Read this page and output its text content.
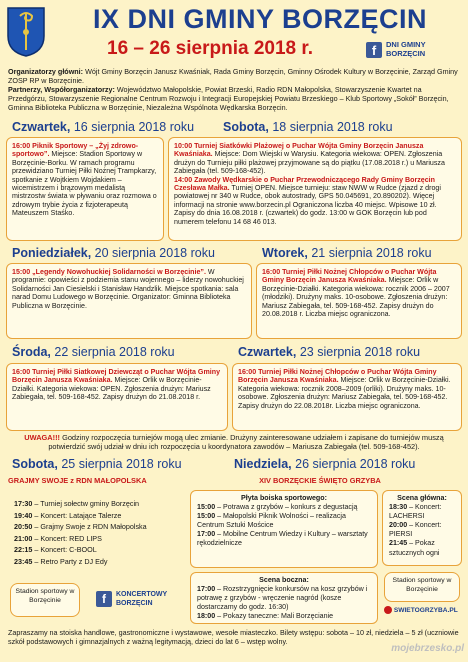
IX DNI GMINY BORZĘCIN
16 – 26 sierpnia 2018 r.	f	DNI GMINY BORZĘCIN

Organizatorzy główni: Wójt Gminy Borzęcin Janusz Kwaśniak, Rada Gminy Borzęcin, Gminny Ośrodek Kultury w Borzęcinie, Zarząd Gminy ZOSP RP w Borzęcinie.

Partnerzy, Współorganizatorzy: Województwo Małopolskie, Powiat Brzeski, Radio RDN Małopolska, Stowarzyszenie Kwartet na Przedgórzu, Stowarzyszenie Regionalne Centrum Rozwoju i Integracji Europejskiej Powiatu Brzeskiego – Klub Sportowy „Sokół” Borzęcin, Gminna Biblioteka Publiczna w Borzęcinie, Niezależna Wspólnota Wędkarska Borzęcin.

Czwartek, 16 sierpnia 2018 roku Sobota, 18 sierpnia 2018 roku
16:00 Piknik Sportowy – „Żyj zdrowo-sportowo”. Miejsce: Stadion Sportowy w Borzęcinie-Borku. W ramach programu przewidziano Turniej Piłki Nożnej Trampkarzy, spotkanie z Wojtkiem Wojdakiem – wicemistrzem i brązowym medalistą mistrzostw świata w pływaniu oraz rozmowa o zdrowym trybie życia z fizjoterapeutą Mateuszem Staśko.

10:00 Turniej Siatkówki Plażowej o Puchar Wójta Gminy Borzęcin Janusza Kwaśniaka. Miejsce: Dom Wiejski w Warysiu. Kategoria wiekowa: OPEN. Zgłoszenia drużyn do Turnieju piłki plażowej przyjmowane są do piątku (17.08.2018 r.) u Mariusza Zabiegała (tel. 509-168-452).

14:00 Zawody Wędkarskie o Puchar Przewodniczącego Rady Gminy Borzęcin Czesława Małka. Turniej OPEN. Miejsce turnieju: staw NWW w Rudce (zjazd z drogi powiatowej nr 340 w Rudce, obok autostrady, GPS 50.045691, 20.890202). Więcej informacji na stronie www.borzecin.pl Ograniczona liczba 40 miejsc. Wpisowe 10 zł. Zapisy do dnia 16.08.2018 r. (czwartek) do godz. 13:00 w GOK Borzęcin lub pod numerem telefonu 14 68 46 013.

Poniedziałek, 20 sierpnia 2018 roku	Wtorek, 21 sierpnia 2018 roku
15:00 „Legendy Nowohuckiej Solidarności w Borzęcinie”. W programie: opowieści z podziemia stanu wojennego – liderzy nowohuckiej Solidarności Jan Ciesielski i Stanisław Handzlik. Miejsce spotkania: sala narad Domu Ludowego w Borzęcinie. Organizator: Gminna Biblioteka Publiczna w Borzęcinie.
16:00 Turniej Piłki Nożnej Chłopców o Puchar Wójta Gminy Borzęcin Janusza Kwaśniaka. Miejsce: Orlik w Borzęcinie-Działki. Kategoria wiekowa: rocznik 2006 – 2007 (młodziki). Drużyny maks. 10-osobowe. Zgłoszenia drużyn: Mariusz Zabiegała, tel. 509-168-452. Zapisy drużyn do 20.08.2018 r. Liczba miejsc ograniczona.
Środa, 22 sierpnia 2018 roku	Czwartek, 23 sierpnia 2018 roku
16:00 Turniej Piłki Siatkowej Dziewcząt o Puchar Wójta Gminy Borzęcin Janusza Kwaśniaka. Miejsce: Orlik w Borzęcinie-Działki. Kategoria wiekowa: OPEN. Zgłoszenia drużyn: Mariusz Zabiegała, tel. 509-168-452. Zapisy drużyn do 21.08.2018 r.
16:00 Turniej Piłki Nożnej Chłopców o Puchar Wójta Gminy Borzęcin Janusza Kwaśniaka. Miejsce: Orlik w Borzęcinie-Działki. Kategoria wiekowa: rocznik 2008–2009 (orliki). Drużyny maks. 10-osobowe. Zgłoszenia drużyn: Mariusz Zabiegała, tel. 509-168-452. Zapisy drużyn do 22.08.2018r. Liczba miejsc ograniczona.
UWAGA!!! Godziny rozpoczęcia turniejów mogą ulec zmianie. Drużyny zainteresowane udziałem i zapisane do turniejów muszą potwierdzić swój udział w dniu ich rozpoczęcia u koordynatora zawodów – Mariusza Zabiegała (tel. 509-168-452).
Sobota, 25 sierpnia 2018 roku	Niedziela, 26 sierpnia 2018 roku
GRAJMY SWOJE z RDN MAŁOPOLSKA
17:30 – Turniej sołectw gminy Borzęcin
19:40 – Koncert: Latające Talerze
20:50 – Grajmy Swoje z RDN Małopolska
21:00 – Koncert: RED LIPS
22:15 – Koncert: C-BOOL
23:45 – Retro Party z DJ Edy
Stadion sportowy w Borzęcinie	f	KONCERTOWY BORZĘCIN
XIV BORZĘCKIE ŚWIĘTO GRZYBA

Płyta boiska sportowego:

15:00 – Potrawa z grzybów – konkurs z degustacją

15:00 – Małopolski Piknik Wolności – realizacja Centrum Sztuki Mościce

17:00 – Mobilne Centrum Wiedzy i Kultury – warsztaty rękodzielnicze

Scena boczna:

17:00 – Rozstrzygnięcie konkursów na kosz grzybów i potrawę z grzybów - wręczenie nagród (kosze dostarczamy do godz. 16:30)

18:00 – Pokazy taneczne: Mali Borzęcianie

Scena główna:

18:30 – Koncert: LACHERSI

20:00 – Koncert: PIERSI

21:45 – Pokaz sztucznych ogni

Stadion sportowy w Borzęcinie
SWIETOGRZYBA.PL

Zapraszamy na stoiska handlowe, gastronomiczne i wystawowe, wesołe miasteczko. Bilety wstępu: sobota – 10 zł, niedziela – 5 zł (uczniowie szkół podstawowych i gimnazjalnych z ważną legitymacją, dzieci do lat 6 – wstęp wolny.

mojebrzesko.pl
